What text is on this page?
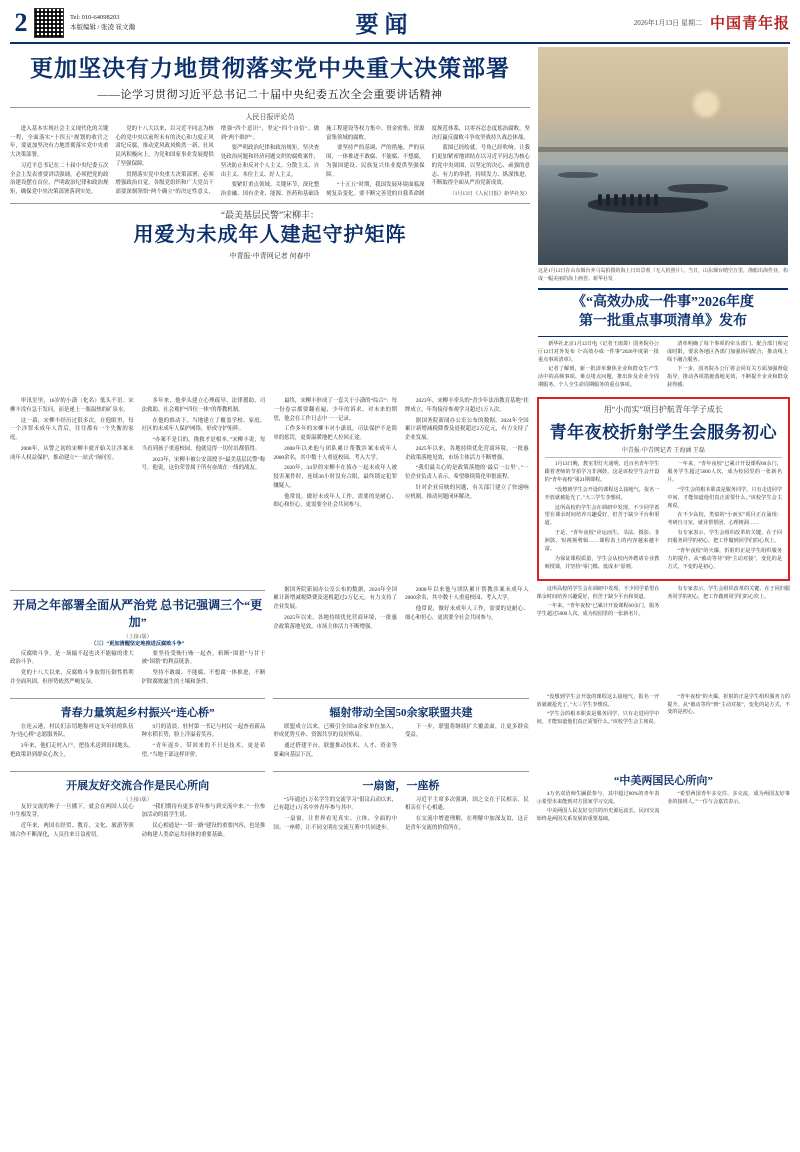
2	Tel: 010-64098203
本版编辑 / 张凌 崔文瀚	要闻	2026年1月13日 星期二 中国青年报
更加坚决有力地贯彻落实党中央重大决策部署
——论学习贯彻习近平总书记二十届中央纪委五次全会重要讲话精神
人民日报评论员

进入基本实现社会主义现代化的关键一程，全面落实“十四五”规划的收官之年，要更加坚决有力地贯彻落实党中央重大决策部署。

习近平总书记在二十届中央纪委五次全会上发表重要讲话强调，必须把党的政治建设摆在首位，严明政治纪律和政治规矩，确保党中央决策部署落到实处。

党的十八大以来，以习近平同志为核心的党中央以前所未有的决心和力度正风肃纪反腐，推动党风政风焕然一新、社风民风积极向上，为党和国家事业发展提供了坚强保障。

贯彻落实党中央重大决策部署，必须增强政治自觉。各级党组织和广大党员干部要深刻领悟“两个确立”的决定性意义，增强“四个意识”、坚定“四个自信”、做到“两个维护”。

要严明政治纪律和政治规矩，坚决查处政治问题和经济问题交织的腐败案件，坚决防止和反对个人主义、分散主义、自由主义、本位主义、好人主义。

要紧盯重点领域、关键环节，深化整治金融、国有企业、能源、医药和基础设施工程建设等权力集中、资金密集、资源富集领域的腐败。

要坚持严的基调、严的措施、严的氛围，一体推进不敢腐、不能腐、不想腐，为强国建设、民族复兴伟业提供坚强保障。

“十五五”时期，我国发展环境面临深刻复杂变化。要不断完善党的自我革命制度规范体系，以零容忍态度惩治腐败，坚决打赢反腐败斗争攻坚战持久战总体战。

蓝图已经绘就，号角已经吹响。让我们更加紧密地团结在以习近平同志为核心的党中央周围，以坚定的决心、顽强的意志、有力的举措，持续发力、纵深推进，不断取得全面从严治党新成效。

（1月13日《人民日报》新华社发）

“最美基层民警”宋柳丰：
用爱为未成年人建起守护矩阵
中青报·中青网记者 何春中
这是1月12日在山东烟台养马岛拍摄的海上日出景观（无人机照片）。当日，山东烟台晴空万里，渔船出海作业，构成一幅美丽的海上画卷。新华社发
《“高效办成一件事”2026年度
第一批重点事项清单》发布

新华社北京1月12日电（记者王雨萧）国务院办公厅12日对外发布《“高效办成一件事”2026年度第一批重点事项清单》。

记者了解到，新一批清单聚焦企业和群众生产生活中的高频事项、难点堵点问题，推出涉及企业全周期服务、个人全生命周期服务的重点事项。

清单明确了每个事项的牵头部门、配合部门和完成时限，要求各地区各部门加强协同配合，推动线上线下融合服务。

下一步，国务院办公厅将会同有关方面加强督促指导，推动各项措施落地见效，不断提升企业和群众获得感。

审讯室里，16岁的小潇（化名）低头不语。宋柳丰没有急于发问，而是递上一瓶温热的矿泉水。

这一幕，宋柳丰经历过很多次。在他眼里，每一个涉罪未成年人背后，往往都有一个失衡的家庭。

2008年，从警之初的宋柳丰就开始关注涉案未成年人权益保护，推动建立“一站式”询问室。

多年来，他牵头建立心理疏导、法律援助、司法救助、社会观护“四位一体”的帮教机制。

在他的推动下，当地建立了覆盖学校、家庭、社区的未成年人保护网络，形成守护矩阵。

“办案不是目的，挽救才是根本。”宋柳丰说，每当看到孩子重返校园，他就觉得一切付出都值得。

2023年，宋柳丰被公安部授予“最美基层民警”称号。他说，这份荣誉属于所有奋战在一线的战友。

最终，宋柳丰形成了一套关于小潇的“综合”：每一份卷宗都要翻看遍，少年的诉求、对未来的期望，他会在工作日志中一一记录。

工作多年的宋柳丰对小潇说，司法保护不是简单的惩罚，更要温暖地把人拉回正途。

2008年以来他与团队累计帮教涉案未成年人2000余名，其中数十人重返校园、考入大学。

2020年，34岁的宋柳丰在侦办一起未成年人被侵害案件时，连续36小时没有合眼，最终锁定犯罪嫌疑人。

他常说，做好未成年人工作，需要的是耐心、细心和恒心，更需要全社会共同参与。

2023年，宋柳丰牵头的“青少年法治教育基地”挂牌成立，年均接待参观学习超过1万人次。

据国务院新闻办公室公布的数据，2024年全国累计新增减税降费及退税超过2万亿元，有力支持了企业发展。

2025年以来，各地持续优化营商环境，一批惠企政策落地见效，市场主体活力不断增强。

“我们最关心的是政策落地的‘最后一公里’。”一位企业负责人表示，希望继续简化审批流程。

针对企业反映的问题，有关部门建立了快速响应机制，推动问题闭环解决。

用“小而实”项目护航青年学子成长
青年夜校折射学生会服务初心
中青报·中青网记者 王海涵 王磊

1月13日晚，教室里灯火通明，近百名青年学生跟着老师的节拍学习非洲鼓，这是该校学生会开设的“青年夜校”第21期课程。

“没想到学生会开设的课程这么接地气，报名一开放就被抢光了。”大三学生李想说。

这所高校的学生会在调研中发现，不少同学希望在课余时间培养兴趣爱好，但苦于缺少平台和渠道。

于是，“青年夜校”应运而生。书法、摄影、非洲鼓、短视频剪辑……课程表上的内容越来越丰富。

为保证课程质量，学生会从校内外聘请专业教师授课，并坚持“零门槛、低成本”原则。

一年来，“青年夜校”已累计开设课程60余门，服务学生超过5000人次，成为校园里的一张新名片。

“学生会的根本职责是服务同学，只有走进同学中间，才能知道他们真正需要什么。”该校学生会主席说。

在不少高校，类似的“小而实”项目正在涌现：考研自习室、就业帮帮团、心理树洞……

有专家表示，学生会组织改革的关键，在于回归服务同学的初心，把工作做到同学们的心坎上。

“青年夜校”的火爆，折射的正是学生组织服务力的提升。从“被动等待”到“主动对接”，变化的是方式，不变的是初心。

开局之年部署全面从严治党 总书记强调三个“更加”
（上接1版）
（三）“更加清醒坚定地推进反腐败斗争”

反腐败斗争，是一场输不起也决不能输的重大政治斗争。

党的十八大以来，反腐败斗争取得压倒性胜利并全面巩固，但形势依然严峻复杂。

要坚持受贿行贿一起查，斩断“围猎”与甘于被“围猎”的利益链条。

坚持不敢腐、不能腐、不想腐一体推进，不断铲除腐败滋生的土壤和条件。

据国务院新闻办公室公布的数据，2024年全国累计新增减税降费及退税超过2万亿元，有力支持了企业发展。

2025年以来，各地持续优化营商环境，一批惠企政策落地见效，市场主体活力不断增强。

2008年以来他与团队累计帮教涉案未成年人2000余名，其中数十人重返校园、考入大学。

他常说，做好未成年人工作，需要的是耐心、细心和恒心，更需要全社会共同参与。

这所高校的学生会在调研中发现，不少同学希望在课余时间培养兴趣爱好，但苦于缺少平台和渠道。

一年来，“青年夜校”已累计开设课程60余门，服务学生超过5000人次，成为校园里的一张新名片。

有专家表示，学生会组织改革的关键，在于回归服务同学的初心，把工作做到同学们的心坎上。

青春力量筑起乡村振兴“连心桥”

在连云港，村民们亲切地称呼这支年轻的队伍为“连心桥”志愿服务队。

3年来，他们走村入户，把技术送到田间地头，把政策讲到群众心坎上。

9月的清晨，驻村第一书记与村民一起查看新品种水稻长势，脸上洋溢着笑容。

“青年返乡，带回来的不只是技术，更是希望。”当地干部这样评价。

辐射带动全国50余家联盟共建

联盟成立以来，已吸引全国50余家单位加入，形成优势互补、资源共享的良好格局。

通过搭建平台，联盟推动技术、人才、资金等要素向基层下沉。

下一步，联盟将继续扩大覆盖面，让更多群众受益。

“没想到学生会开设的课程这么接地气，报名一开放就被抢光了。”大三学生李想说。

“学生会的根本职责是服务同学，只有走进同学中间，才能知道他们真正需要什么。”该校学生会主席说。

“青年夜校”的火爆，折射的正是学生组织服务力的提升。从“被动等待”到“主动对接”，变化的是方式，不变的是初心。

开展友好交流合作是民心所向
（上接1版）

友好交流的种子一旦播下，就会在两国人民心中生根发芽。

近年来，两国在经贸、教育、文化、旅游等领域合作不断深化，人员往来日益密切。

“我们期待有更多青年参与到交流中来。”一位参加活动的留学生说。

民心相通是“一带一路”建设的重要内容，也是推动构建人类命运共同体的重要基础。

一扇窗，一座桥

“5年通过1万名学生的交流学习”倡议启动以来，已有超过1万名中外青年参与其中。

一扇窗，让世界看见真实、立体、全面的中国；一座桥，让不同文明在交流互鉴中共同进步。

习近平主席多次强调，国之交在于民相亲，民相亲在于心相通。

在交流中增进理解，在理解中加深友谊，这正是青年交流的价值所在。

“中美两国民心所向”

4万名双语师生踊跃参与，其中超过80%的青年表示希望未来能到对方国家学习交流。

中美两国人民友好交往的历史源远流长，民间交流始终是两国关系发展的重要基础。

“希望两国青年多交往、多交流，成为两国友好事业的接班人。”一位与会嘉宾表示。
